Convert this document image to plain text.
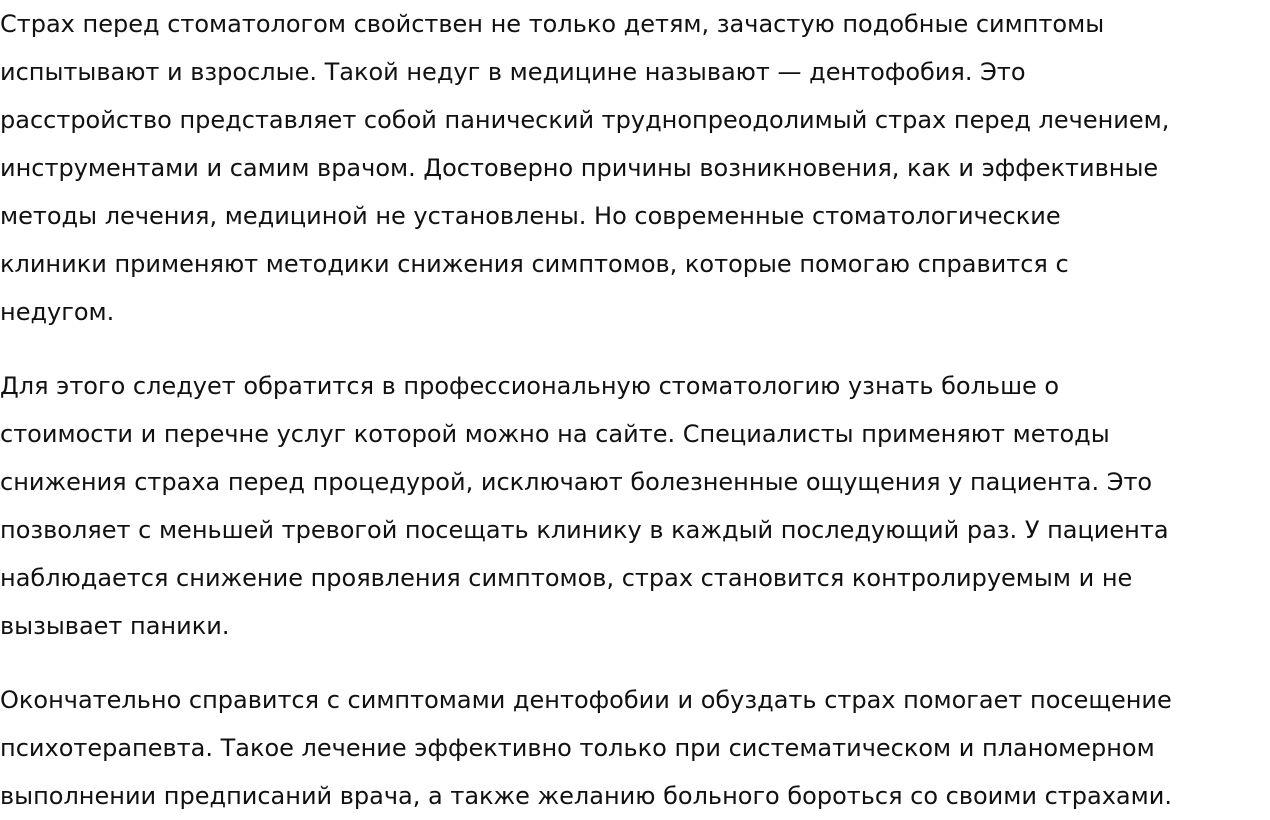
Страх перед стоматологом свойствен не только детям, зачастую подобные симптомы
испытывают и взрослые. Такой недуг в медицине называют — дентофобия. Это
расстройство представляет собой панический труднопреодолимый страх перед лечением,
инструментами и самим врачом. Достоверно причины возникновения, как и эффективные
методы лечения, медициной не установлены. Но современные стоматологические
клиники применяют методики снижения симптомов, которые помогаю справится с
недугом.

Для этого следует обратится в профессиональную стоматологию узнать больше о
стоимости и перечне услуг которой можно на сайте. Специалисты применяют методы
снижения страха перед процедурой, исключают болезненные ощущения у пациента. Это
позволяет с меньшей тревогой посещать клинику в каждый последующий раз. У пациента
наблюдается снижение проявления симптомов, страх становится контролируемым и не
вызывает паники.

Окончательно справится с симптомами дентофобии и обуздать страх помогает посещение
психотерапевта. Такое лечение эффективно только при систематическом и планомерном
выполнении предписаний врача, а также желанию больного бороться со своими страхами.
